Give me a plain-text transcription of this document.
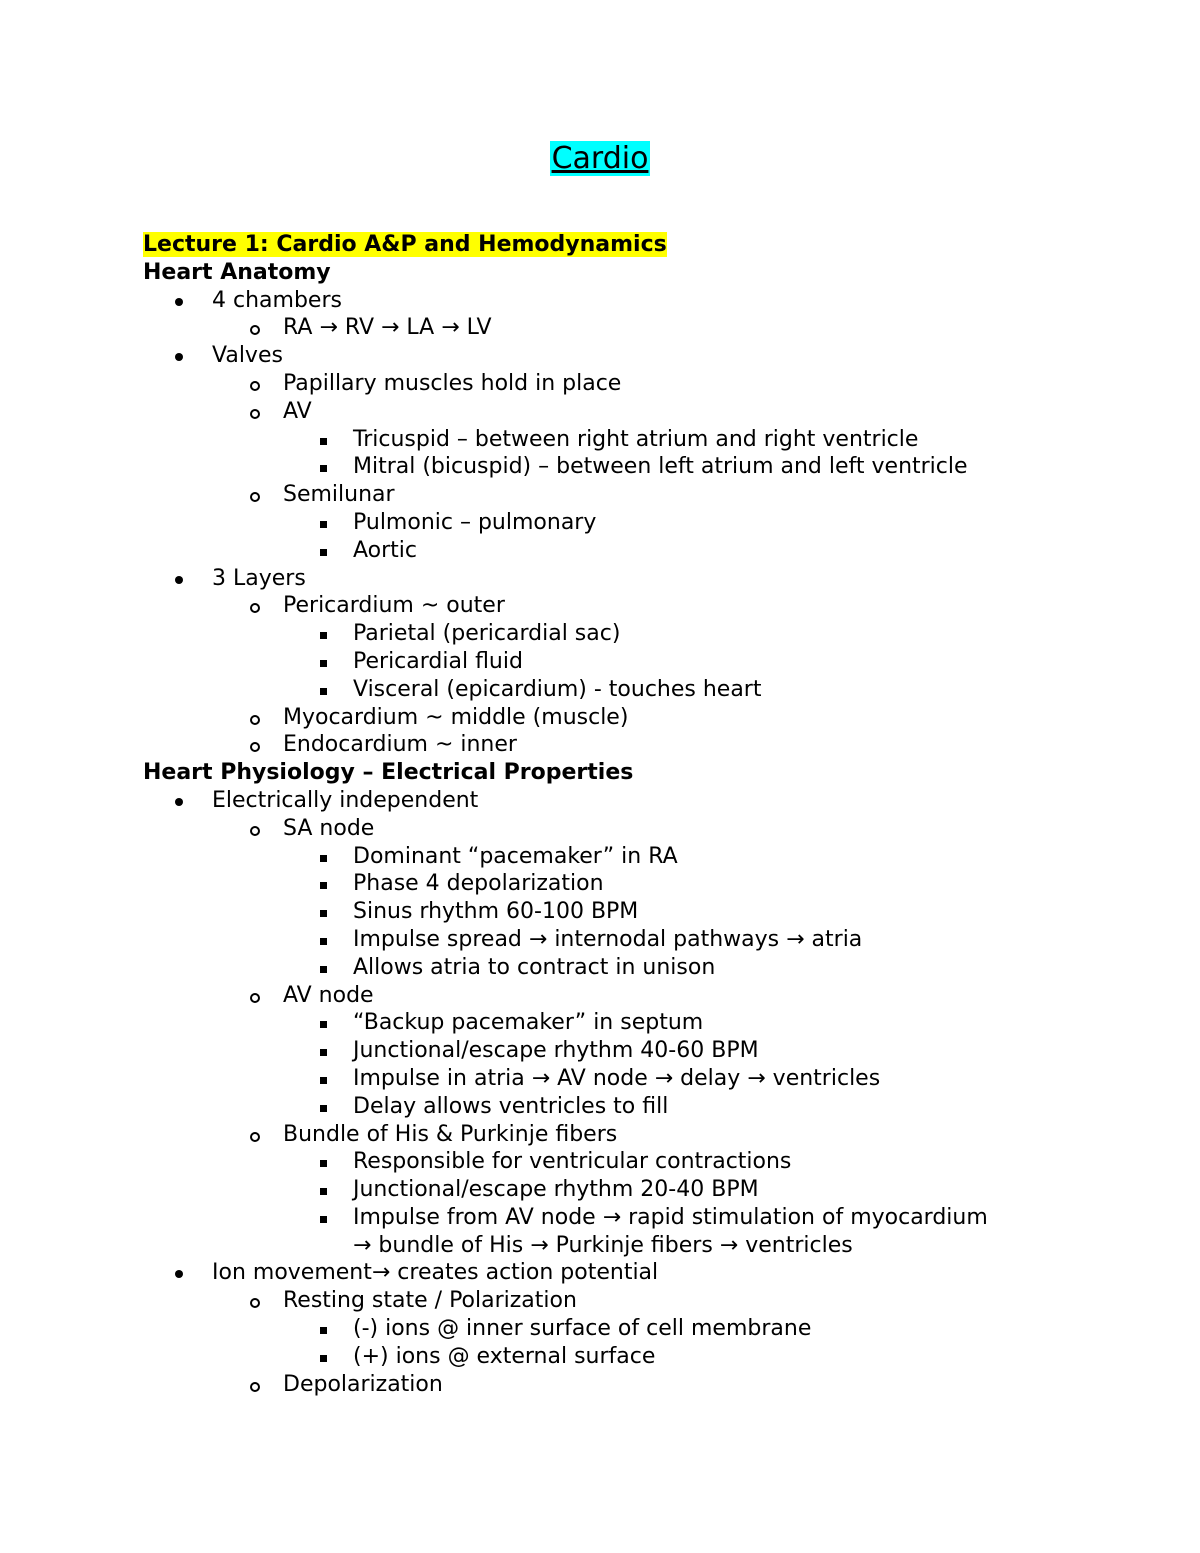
Cardio
Lecture 1: Cardio A&P and Hemodynamics
Heart Anatomy
4 chambers
RA → RV → LA → LV
Valves
Papillary muscles hold in place
AV
Tricuspid – between right atrium and right ventricle
Mitral (bicuspid) – between left atrium and left ventricle
Semilunar
Pulmonic – pulmonary
Aortic
3 Layers
Pericardium ~ outer
Parietal (pericardial sac)
Pericardial fluid
Visceral (epicardium) - touches heart
Myocardium ~ middle (muscle)
Endocardium ~ inner
Heart Physiology – Electrical Properties
Electrically independent
SA node
Dominant “pacemaker” in RA
Phase 4 depolarization
Sinus rhythm 60-100 BPM
Impulse spread → internodal pathways → atria
Allows atria to contract in unison
AV node
“Backup pacemaker” in septum
Junctional/escape rhythm 40-60 BPM
Impulse in atria → AV node → delay → ventricles
Delay allows ventricles to fill
Bundle of His & Purkinje fibers
Responsible for ventricular contractions
Junctional/escape rhythm 20-40 BPM
Impulse from AV node → rapid stimulation of myocardium
→ bundle of His → Purkinje fibers → ventricles
Ion movement→ creates action potential
Resting state / Polarization
(-) ions @ inner surface of cell membrane
(+) ions @ external surface
Depolarization
